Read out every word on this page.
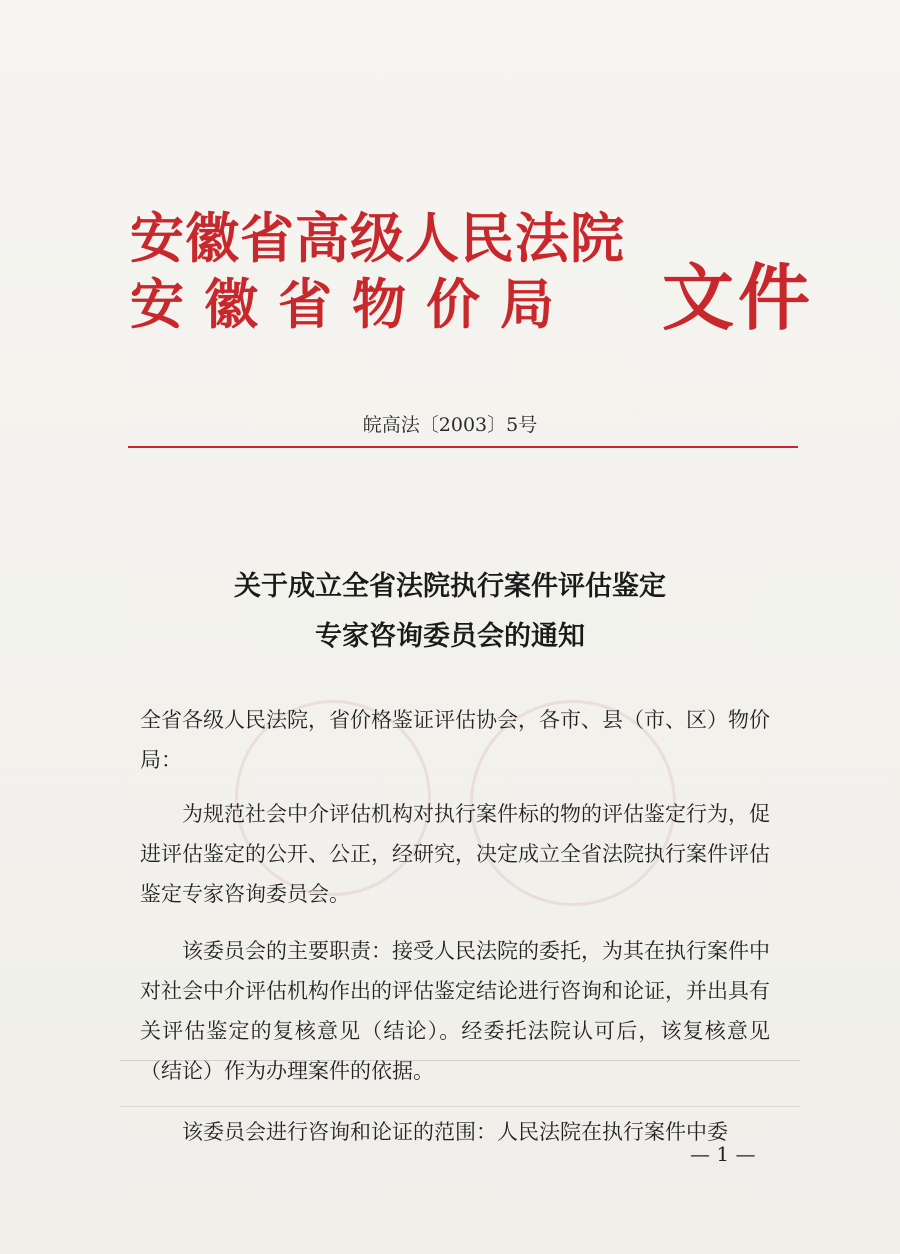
安徽省高级人民法院
安徽省物价局	文件
皖高法〔2003〕5号
关于成立全省法院执行案件评估鉴定
专家咨询委员会的通知

全省各级人民法院，省价格鉴证评估协会，各市、县（市、区）物价局：

为规范社会中介评估机构对执行案件标的物的评估鉴定行为，促进评估鉴定的公开、公正，经研究，决定成立全省法院执行案件评估鉴定专家咨询委员会。

该委员会的主要职责：接受人民法院的委托，为其在执行案件中对社会中介评估机构作出的评估鉴定结论进行咨询和论证，并出具有关评估鉴定的复核意见（结论）。经委托法院认可后，该复核意见（结论）作为办理案件的依据。

该委员会进行咨询和论证的范围：人民法院在执行案件中委

— 1 —
